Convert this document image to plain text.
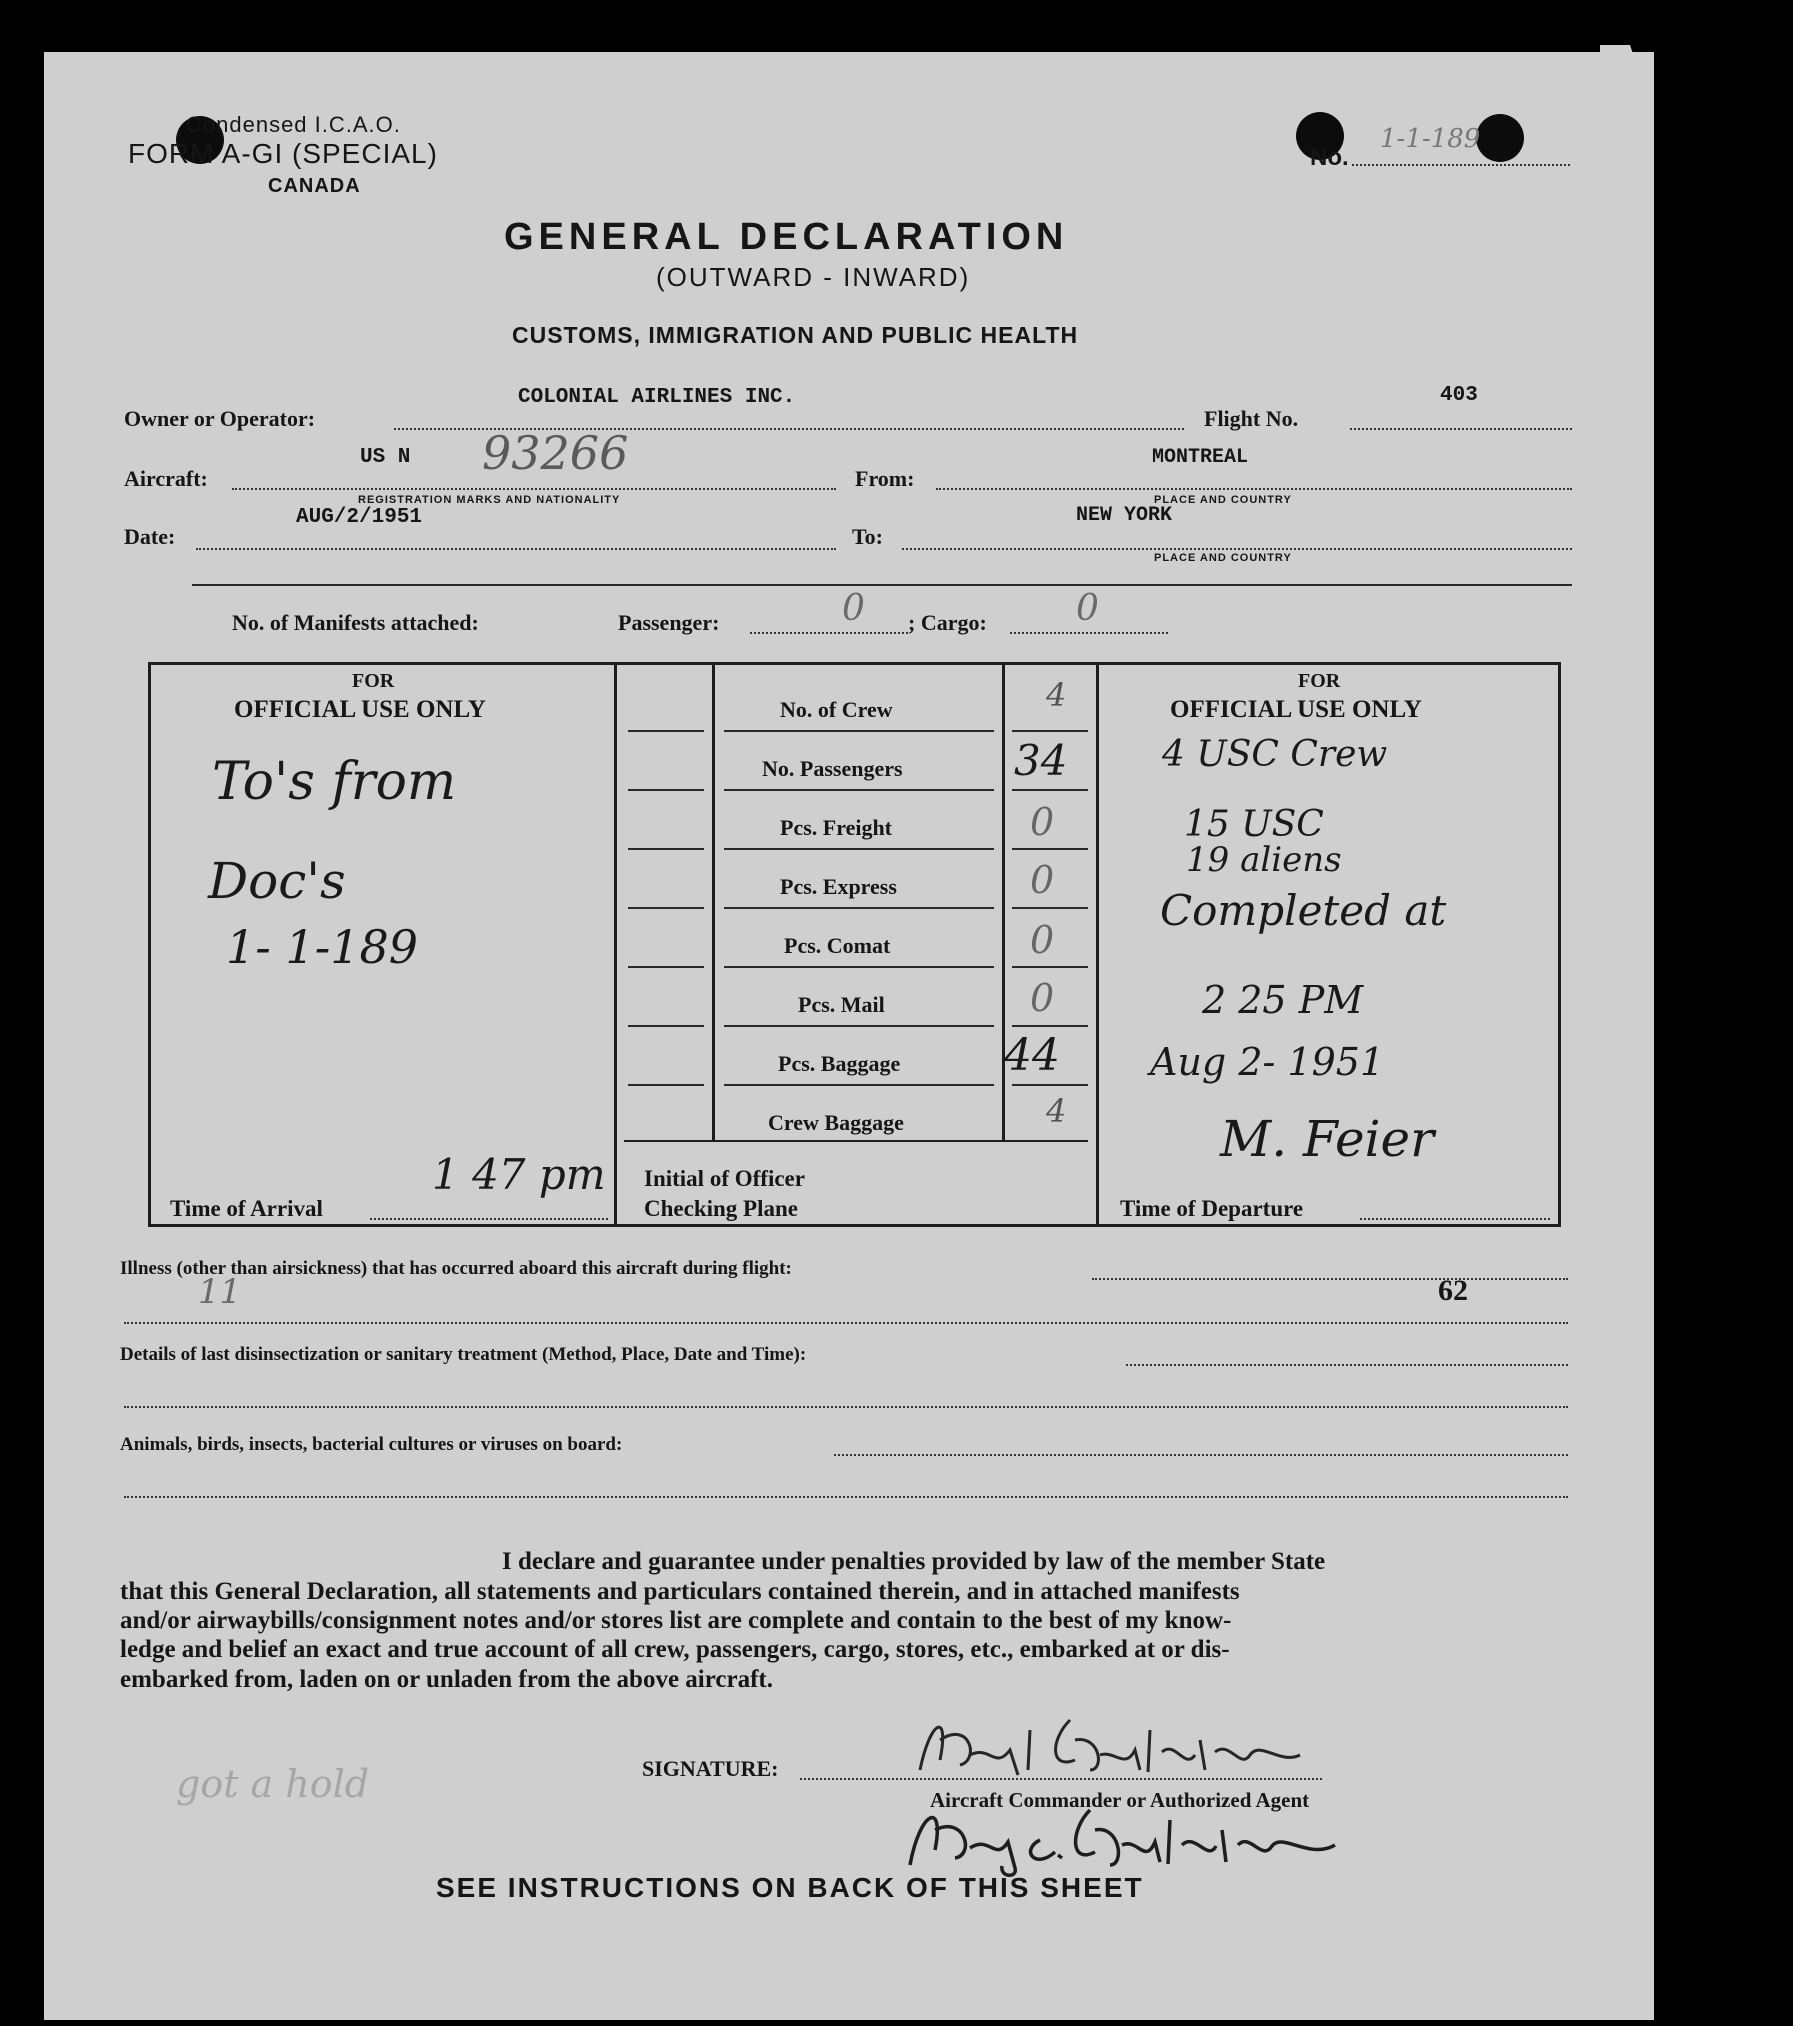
Condensed I.C.A.O.
FORM A-GI (SPECIAL)
CANADA
No.
1-1-189
GENERAL DECLARATION
(OUTWARD - INWARD)
CUSTOMS, IMMIGRATION AND PUBLIC HEALTH
Owner or Operator:
COLONIAL AIRLINES INC.
Flight No.
403
Aircraft:
US N 93266
REGISTRATION MARKS AND NATIONALITY
From:
MONTREAL
PLACE AND COUNTRY
Date:
AUG/2/1951
To:
NEW YORK
PLACE AND COUNTRY
No. of Manifests attached:	Passenger:	0 ; Cargo: 0
FOR
OFFICIAL USE ONLY
To's from
Doc's
1- 1-189
FOR
OFFICIAL USE ONLY
4 USC Crew
15 USC
19 aliens
Completed at
2 25 PM
Aug 2- 1951
M. Feier
No. of Crew	4
No. Passengers	34
Pcs. Freight	0
Pcs. Express	0
Pcs. Comat	0
Pcs. Mail	0
Pcs. Baggage 44
Crew Baggage	4
Time of Arrival
1 47 pm Initial of Officer
Checking Plane	Time of Departure
Illness (other than airsickness) that has occurred aboard this aircraft during flight:
11	62
Details of last disinsectization or sanitary treatment (Method, Place, Date and Time):
Animals, birds, insects, bacterial cultures or viruses on board:
I declare and guarantee under penalties provided by law of the member State
that this General Declaration, all statements and particulars contained therein, and in attached manifests
and/or airwaybills/consignment notes and/or stores list are complete and contain to the best of my know-
ledge and belief an exact and true account of all crew, passengers, cargo, stores, etc., embarked at or dis-
embarked from, laden on or unladen from the above aircraft.
got a hold	SIGNATURE:
Aircraft Commander or Authorized Agent
SEE INSTRUCTIONS ON BACK OF THIS SHEET
